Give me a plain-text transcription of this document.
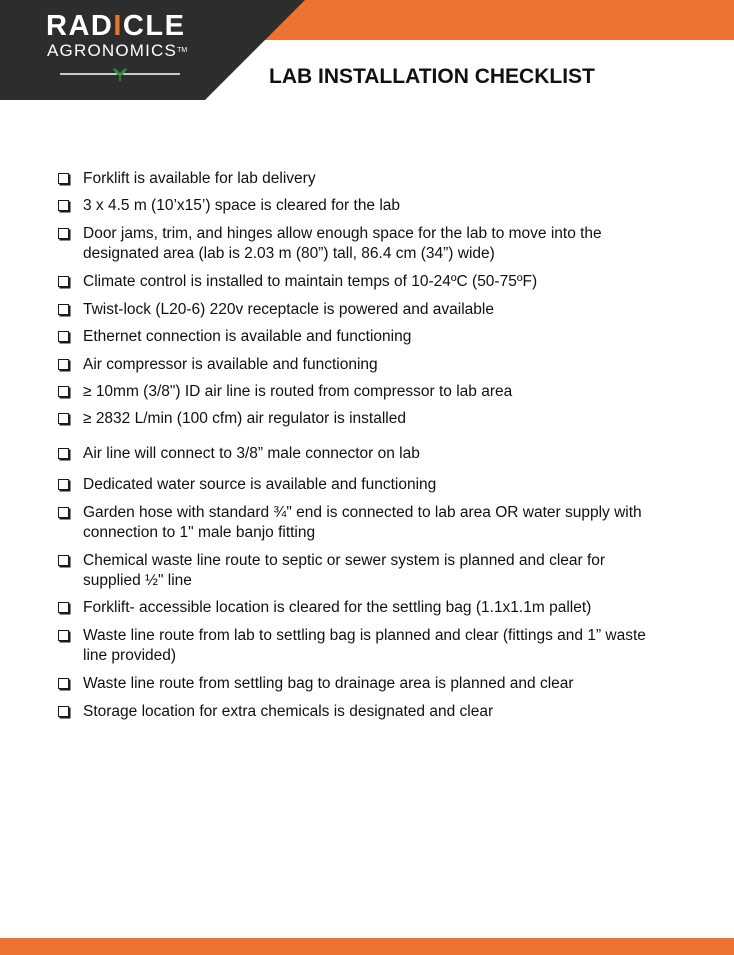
RADICLE
AGRONOMICS™
LAB INSTALLATION CHECKLIST
Forklift is available for lab delivery
3 x 4.5 m (10’x15’) space is cleared for the lab
Door jams, trim, and hinges allow enough space for the lab to move into the designated area (lab is 2.03 m (80”) tall, 86.4 cm (34”) wide)
Climate control is installed to maintain temps of 10-24ºC (50-75ºF)
Twist-lock (L20-6) 220v receptacle is powered and available
Ethernet connection is available and functioning
Air compressor is available and functioning
≥ 10mm (3/8") ID air line is routed from compressor to lab area
≥ 2832 L/min (100 cfm) air regulator is installed
Air line will connect to 3/8” male connector on lab
Dedicated water source is available and functioning
Garden hose with standard ¾" end is connected to lab area OR water supply with connection to 1" male banjo fitting
Chemical waste line route to septic or sewer system is planned and clear for supplied ½" line
Forklift- accessible location is cleared for the settling bag (1.1x1.1m pallet)
Waste line route from lab to settling bag is planned and clear (fittings and 1” waste line provided)
Waste line route from settling bag to drainage area is planned and clear
Storage location for extra chemicals is designated and clear
